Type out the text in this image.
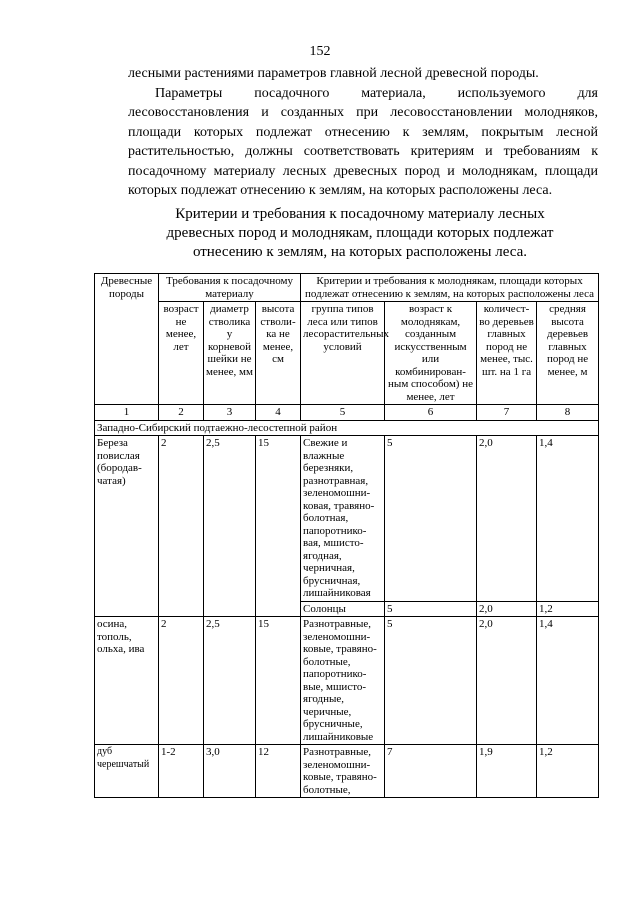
152
лесными растениями параметров главной лесной древесной породы.
Параметры посадочного материала, используемого для
лесовосстановления и созданных при лесовосстановлении молодняков,
площади которых подлежат отнесению к землям, покрытым лесной
растительностью, должны соответствовать критериям и требованиям к
посадочному материалу лесных древесных пород и молоднякам, площади
которых подлежат отнесению к землям, на которых расположены леса.
Критерии и требования к посадочному материалу лесных
древесных пород и молоднякам, площади которых подлежат
отнесению к землям, на которых расположены леса.
Древесные породы	Требования к посадочному материалу			Критерии и требования к молоднякам, площади которых подлежат отнесению к землям, на которых расположены леса			
	возраст не менее, лет	диаметр стволика у корневой шейки не менее, мм	высота стволи-ка не менее, см	группа типов леса или типов лесорастительных условий	возраст к молоднякам, созданным искусственным или комбинирован-ным способом) не менее, лет	количест-во деревьев главных пород не менее, тыс. шт. на 1 га	средняя высота деревьев главных пород не менее, м
1	2	3	4	5	6	7	8
Западно-Сибирский подтаежно-лесостепной район							
Береза повислая (бородав-чатая)	2	2,5	15	Свежие и влажные березняки, разнотравная, зеленомошни-ковая, травяно-болотная, папоротнико-вая, мшисто-ягодная, черничная, брусничная, лишайниковая	5	2,0	1,4
				Солонцы	5	2,0	1,2
осина, тополь, ольха, ива	2	2,5	15	Разнотравные, зеленомошни-ковые, травяно-болотные, папоротнико-вые, мшисто-ягодные, черичные, брусничные, лишайниковые	5	2,0	1,4
дуб черешчатый	1-2	3,0	12	Разнотравные, зеленомошни-ковые, травяно-болотные,	7	1,9	1,2
